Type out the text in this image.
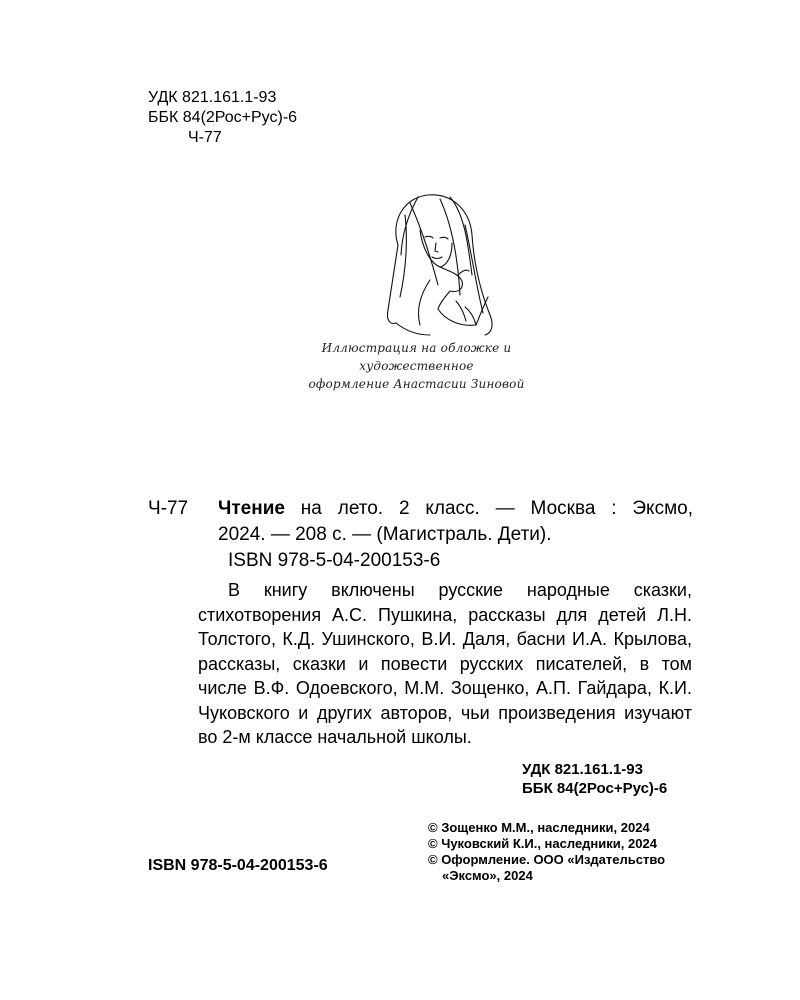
УДК 821.161.1-93
ББК 84(2Рос+Рус)-6
Ч-77
Иллюстрация на обложке и художественное
оформление Анастасии Зиновой
Ч-77	Чтение на лето. 2 класс. — Москва : Эксмо,
2024. — 208 с. — (Магистраль. Дети).
ISBN 978-5-04-200153-6
В книгу включены русские народные сказки, стихотворения А.С. Пушкина, рассказы для детей Л.Н. Толстого, К.Д. Ушинского, В.И. Даля, басни И.А. Крылова, рассказы, сказки и повести русских писателей, в том числе В.Ф. Одоевского, М.М. Зощенко, А.П. Гайдара, К.И. Чуковского и других авторов, чьи произведения изучают во 2-м классе начальной школы.
УДК 821.161.1-93
ББК 84(2Рос+Рус)-6
© Зощенко М.М., наследники, 2024
© Чуковский К.И., наследники, 2024
© Оформление. ООО «Издательство
«Эксмо», 2024
ISBN 978-5-04-200153-6
